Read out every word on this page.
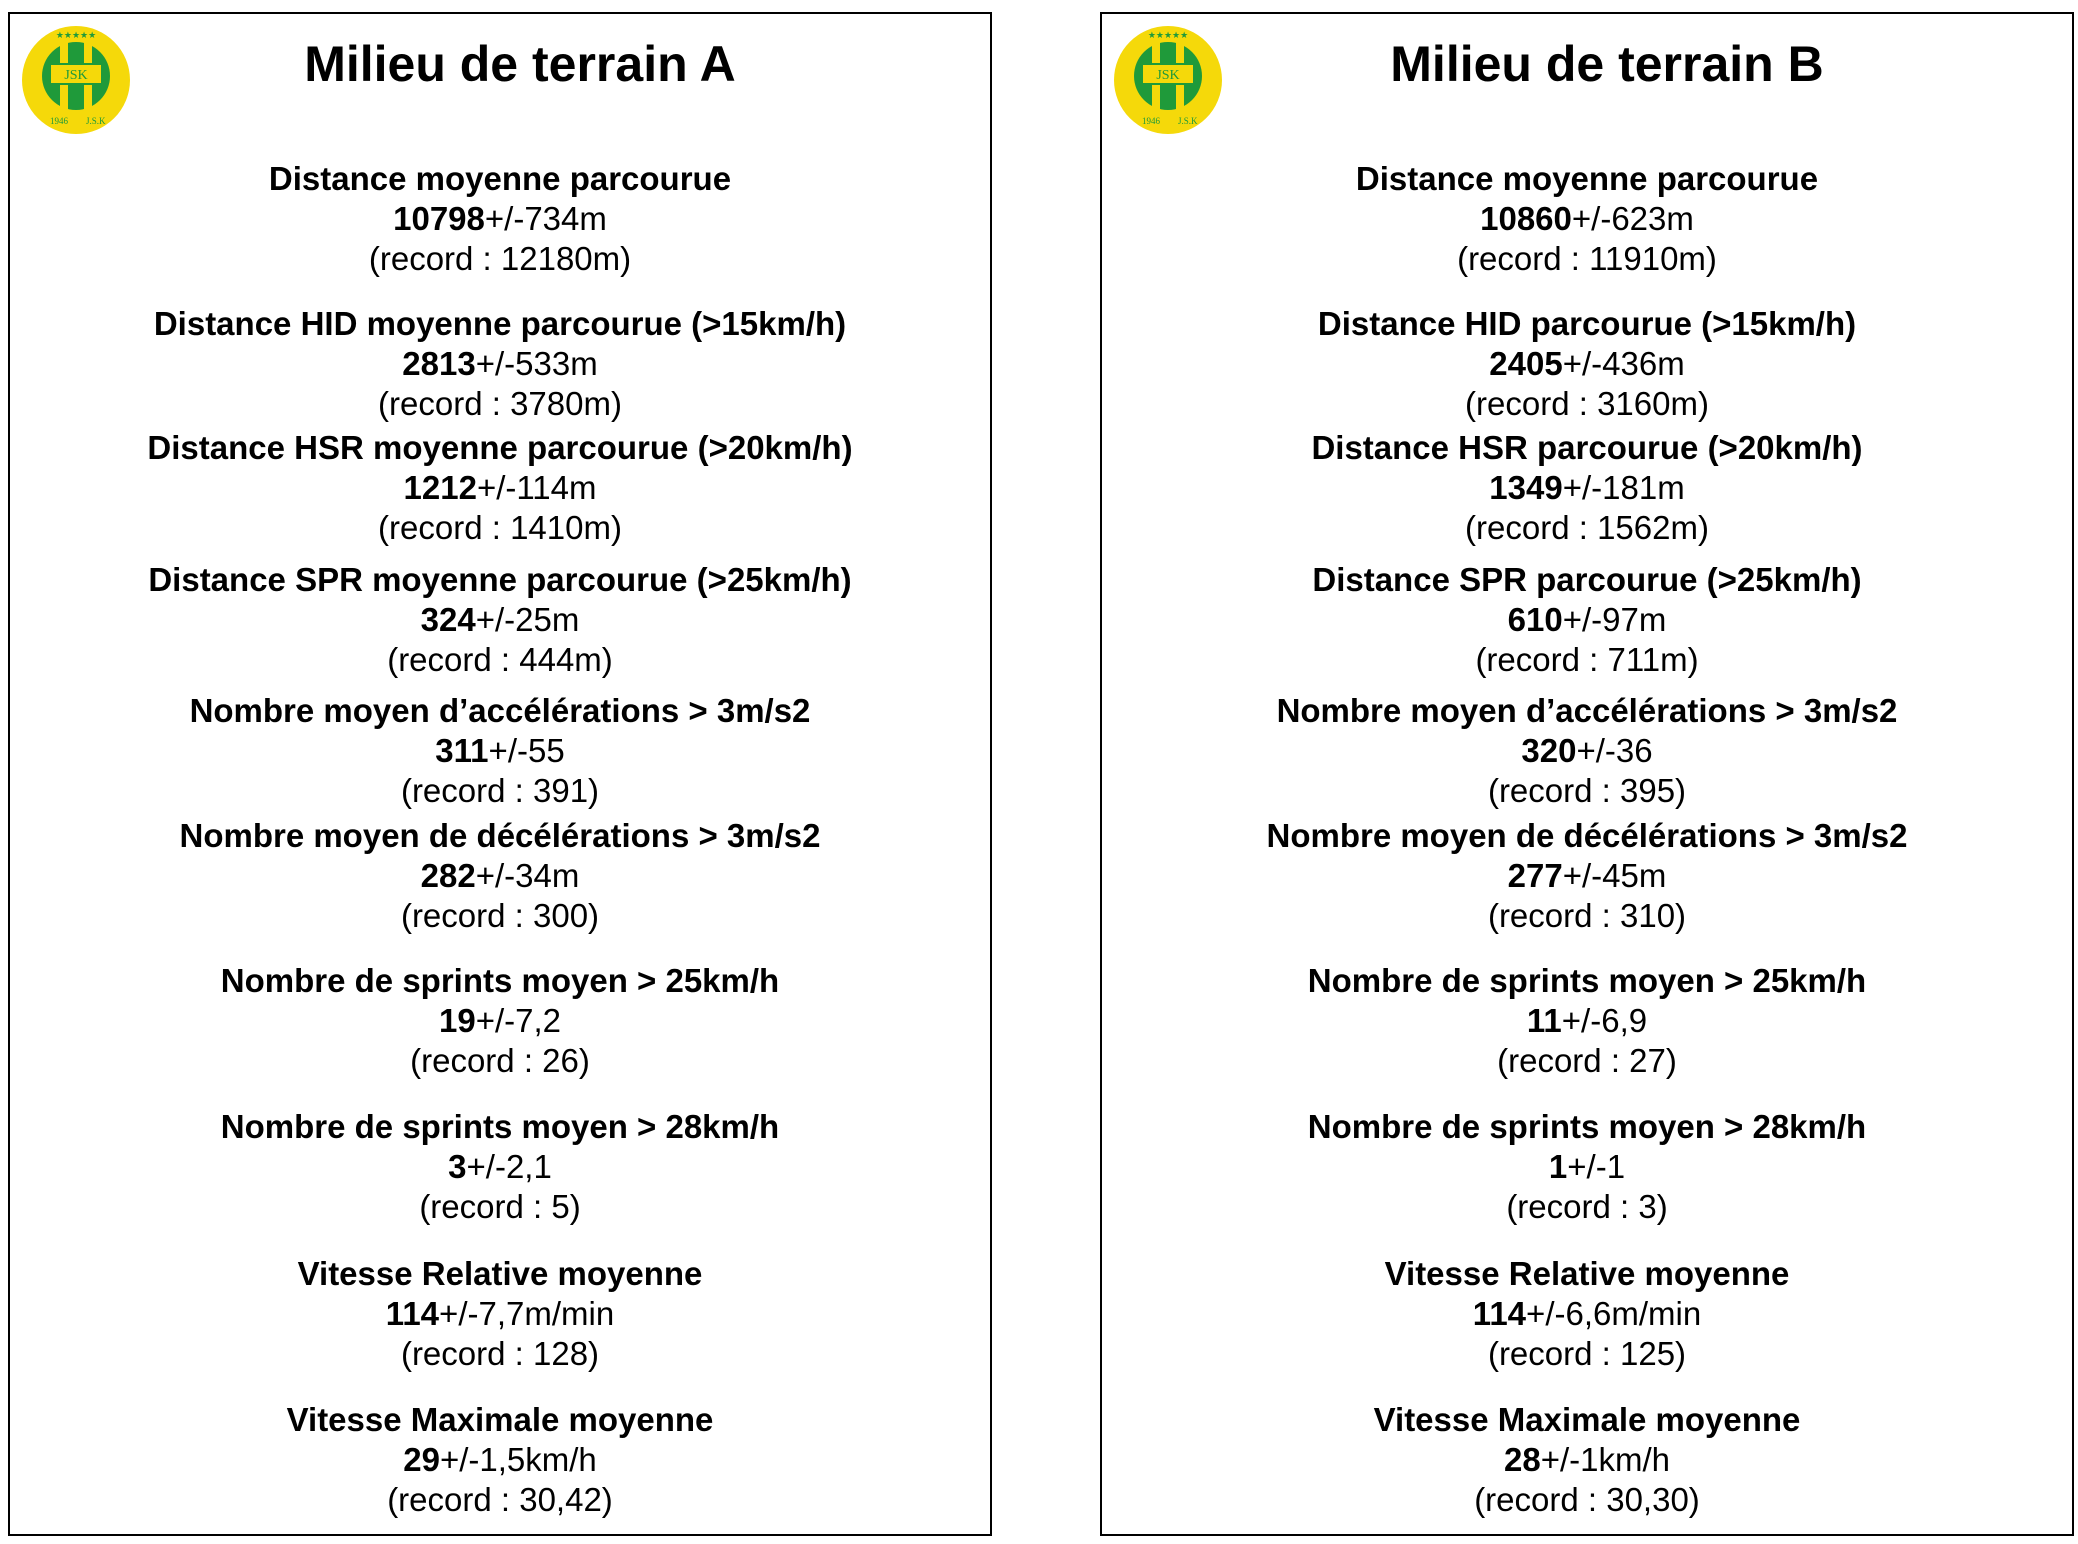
JSK
★★★★★
1946 J.S.K
Milieu de terrain A
Distance moyenne parcourue
10798+/-734m
(record : 12180m)
Distance HID moyenne parcourue (>15km/h)
2813+/-533m
(record : 3780m)
Distance HSR moyenne parcourue (>20km/h)
1212+/-114m
(record : 1410m)
Distance SPR moyenne parcourue (>25km/h)
324+/-25m
(record : 444m)
Nombre moyen d’accélérations > 3m/s2
311+/-55
(record : 391)
Nombre moyen de décélérations > 3m/s2
282+/-34m
(record : 300)
Nombre de sprints moyen > 25km/h
19+/-7,2
(record : 26)
Nombre de sprints moyen > 28km/h
3+/-2,1
(record : 5)
Vitesse Relative moyenne
114+/-7,7m/min
(record : 128)
Vitesse Maximale moyenne
29+/-1,5km/h
(record : 30,42)
JSK
★★★★★
1946 J.S.K
Milieu de terrain B
Distance moyenne parcourue
10860+/-623m
(record : 11910m)
Distance HID parcourue (>15km/h)
2405+/-436m
(record : 3160m)
Distance HSR parcourue (>20km/h)
1349+/-181m
(record : 1562m)
Distance SPR parcourue (>25km/h)
610+/-97m
(record : 711m)
Nombre moyen d’accélérations > 3m/s2
320+/-36
(record : 395)
Nombre moyen de décélérations > 3m/s2
277+/-45m
(record : 310)
Nombre de sprints moyen > 25km/h
11+/-6,9
(record : 27)
Nombre de sprints moyen > 28km/h
1+/-1
(record : 3)
Vitesse Relative moyenne
114+/-6,6m/min
(record : 125)
Vitesse Maximale moyenne
28+/-1km/h
(record : 30,30)
